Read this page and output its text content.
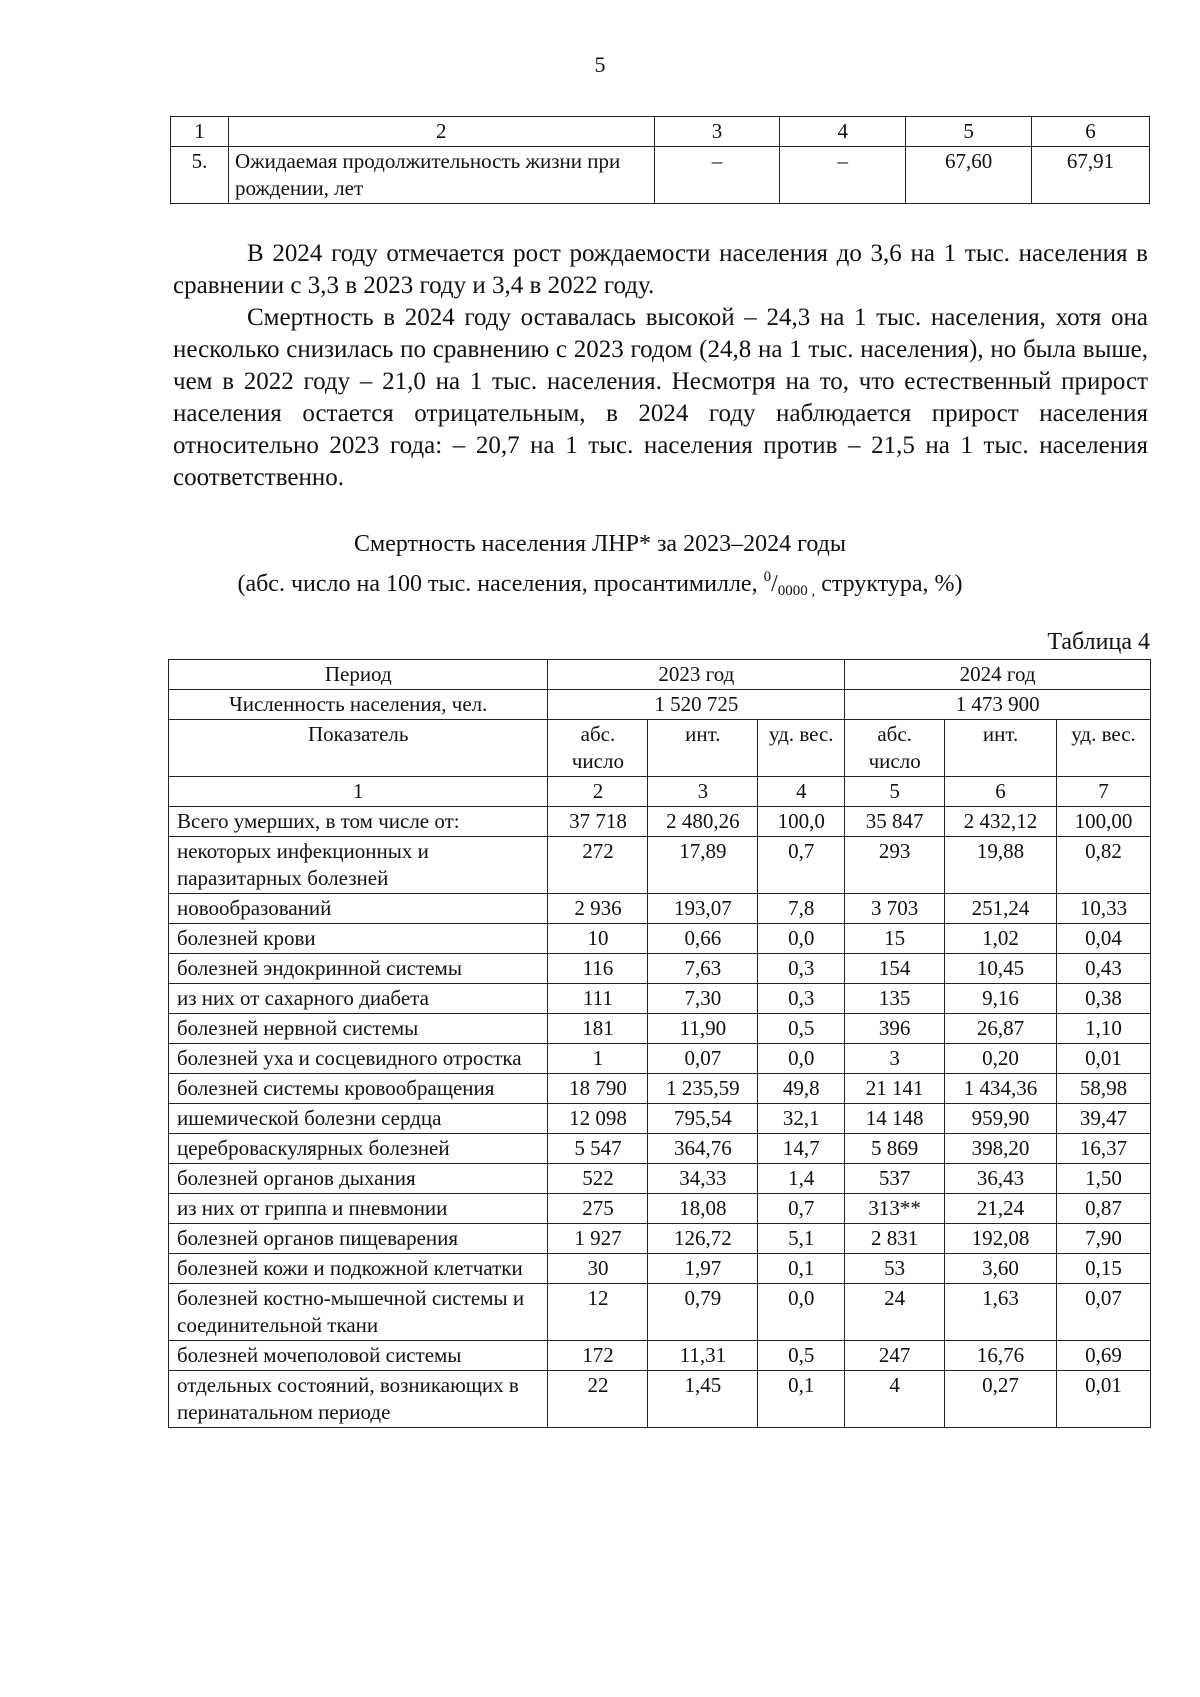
5
1	2	3	4	5	6
5.	Ожидаемая продолжительность жизни при рождении, лет	–	–	67,60	67,91
В 2024 году отмечается рост рождаемости населения до 3,6 на 1 тыс. населения в сравнении с 3,3 в 2023 году и 3,4 в 2022 году.
Смертность в 2024 году оставалась высокой – 24,3 на 1 тыс. населения, хотя она несколько снизилась по сравнению с 2023 годом (24,8 на 1 тыс. населения), но была выше, чем в 2022 году – 21,0 на 1 тыс. населения. Несмотря на то, что естественный прирост населения остается отрицательным, в 2024 году наблюдается прирост населения относительно 2023 года: – 20,7 на 1 тыс. населения против – 21,5 на 1 тыс. населения соответственно.
Смертность населения ЛНР* за 2023–2024 годы
(абс. число на 100 тыс. населения, просантимилле, $^0/_{0000 ,}$ структура, %)
Таблица 4
Период	2023 год			2024 год		
Численность населения, чел.	1 520 725			1 473 900		
Показатель	абс. число	инт.	уд. вес.	абс. число	инт.	уд. вес.
1	2	3	4	5	6	7
Всего умерших, в том числе от:	37 718	2 480,26	100,0	35 847	2 432,12	100,00
некоторых инфекционных и паразитарных болезней	272	17,89	0,7	293	19,88	0,82
новообразований	2 936	193,07	7,8	3 703	251,24	10,33
болезней крови	10	0,66	0,0	15	1,02	0,04
болезней эндокринной системы	116	7,63	0,3	154	10,45	0,43
из них от сахарного диабета	111	7,30	0,3	135	9,16	0,38
болезней нервной системы	181	11,90	0,5	396	26,87	1,10
болезней уха и сосцевидного отростка	1	0,07	0,0	3	0,20	0,01
болезней системы кровообращения	18 790	1 235,59	49,8	21 141	1 434,36	58,98
ишемической болезни сердца	12 098	795,54	32,1	14 148	959,90	39,47
цереброваскулярных болезней	5 547	364,76	14,7	5 869	398,20	16,37
болезней органов дыхания	522	34,33	1,4	537	36,43	1,50
из них от гриппа и пневмонии	275	18,08	0,7	313**	21,24	0,87
болезней органов пищеварения	1 927	126,72	5,1	2 831	192,08	7,90
болезней кожи и подкожной клетчатки	30	1,97	0,1	53	3,60	0,15
болезней костно-мышечной системы и соединительной ткани	12	0,79	0,0	24	1,63	0,07
болезней мочеполовой системы	172	11,31	0,5	247	16,76	0,69
отдельных состояний, возникающих в перинатальном периоде	22	1,45	0,1	4	0,27	0,01
